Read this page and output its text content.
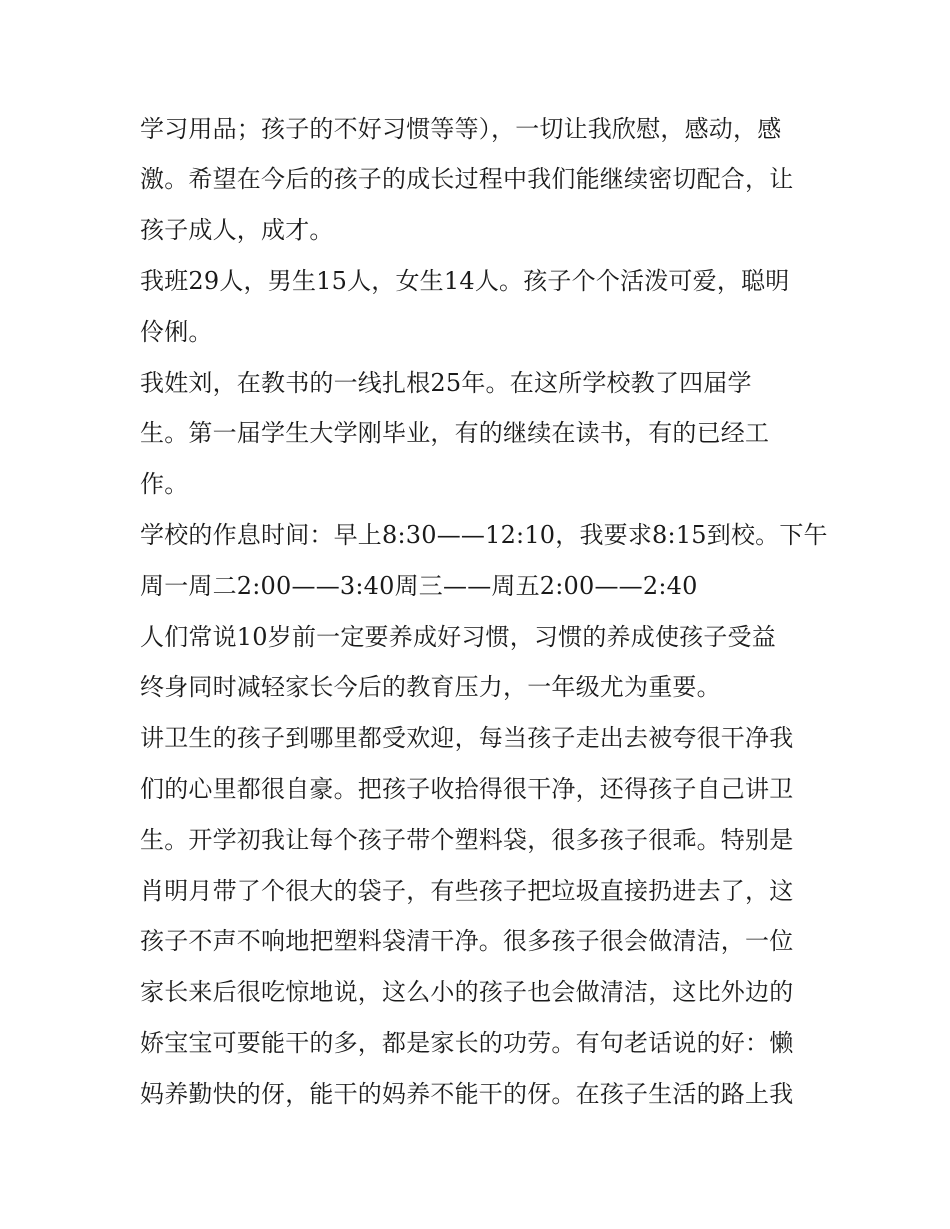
学习用品；孩子的不好习惯等等），一切让我欣慰，感动，感
激。希望在今后的孩子的成长过程中我们能继续密切配合，让
孩子成人，成才。
我班29人，男生15人，女生14人。孩子个个活泼可爱，聪明
伶俐。
我姓刘，在教书的一线扎根25年。在这所学校教了四届学
生。第一届学生大学刚毕业，有的继续在读书，有的已经工
作。
学校的作息时间：早上8:30——12:10，我要求8:15到校。下午
周一周二2:00——3:40周三——周五2:00——2:40
人们常说10岁前一定要养成好习惯，习惯的养成使孩子受益
终身同时减轻家长今后的教育压力，一年级尤为重要。
讲卫生的孩子到哪里都受欢迎，每当孩子走出去被夸很干净我
们的心里都很自豪。把孩子收拾得很干净，还得孩子自己讲卫
生。开学初我让每个孩子带个塑料袋，很多孩子很乖。特别是
肖明月带了个很大的袋子，有些孩子把垃圾直接扔进去了，这
孩子不声不响地把塑料袋清干净。很多孩子很会做清洁，一位
家长来后很吃惊地说，这么小的孩子也会做清洁，这比外边的
娇宝宝可要能干的多，都是家长的功劳。有句老话说的好：懒
妈养勤快的伢，能干的妈养不能干的伢。在孩子生活的路上我
